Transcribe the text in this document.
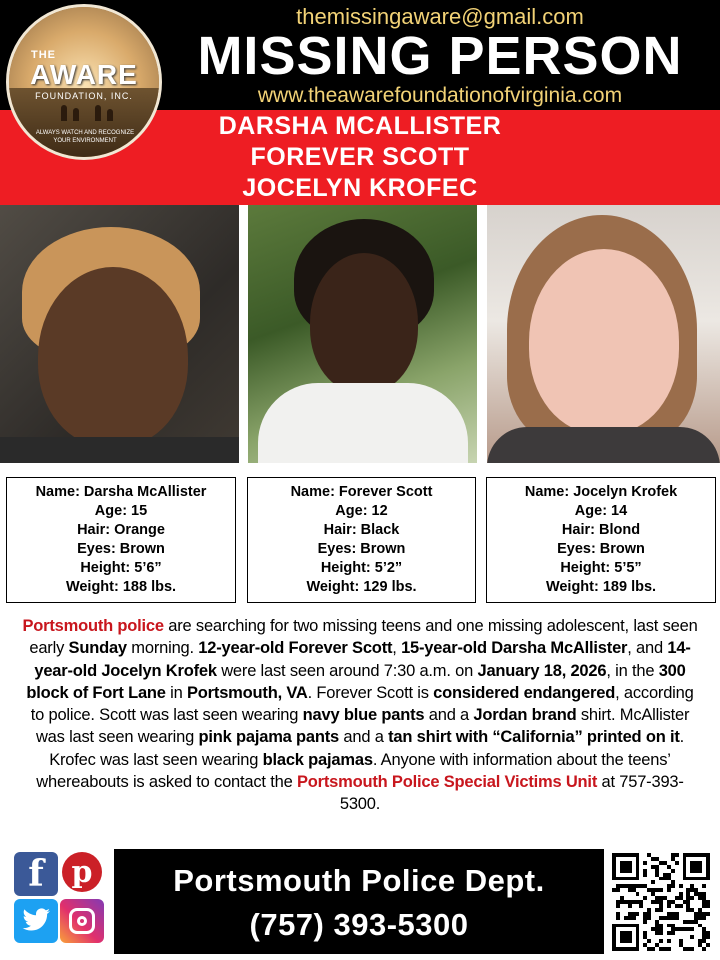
themissingaware@gmail.com
MISSING PERSON
www.theawarefoundationofvirginia.com
THE
AWARE
FOUNDATION, INC.
ALWAYS WATCH AND RECOGNIZE YOUR ENVIRONMENT
DARSHA MCALLISTER
FOREVER SCOTT
JOCELYN KROFEC
Name: Darsha McAllister
Age: 15
Hair: Orange
Eyes: Brown
Height: 5’6”
Weight: 188 lbs.
Name: Forever Scott
Age: 12
Hair: Black
Eyes: Brown
Height: 5’2”
Weight: 129 lbs.
Name: Jocelyn Krofek
Age: 14
Hair: Blond
Eyes: Brown
Height: 5’5”
Weight: 189 lbs.

Portsmouth police are searching for two missing teens and one missing adolescent, last seen early Sunday morning. 12-year-old Forever Scott, 15-year-old Darsha McAllister, and 14-year-old Jocelyn Krofek were last seen around 7:30 a.m. on January 18, 2026, in the 300 block of Fort Lane in Portsmouth, VA. Forever Scott is considered endangered, according to police. Scott was last seen wearing navy blue pants and a Jordan brand shirt. McAllister was last seen wearing pink pajama pants and a tan shirt with “California” printed on it. Krofec was last seen wearing black pajamas. Anyone with information about the teens’ whereabouts is asked to contact the Portsmouth Police Special Victims Unit at 757-393-5300.

f p	Portsmouth Police Dept.
(757) 393-5300
